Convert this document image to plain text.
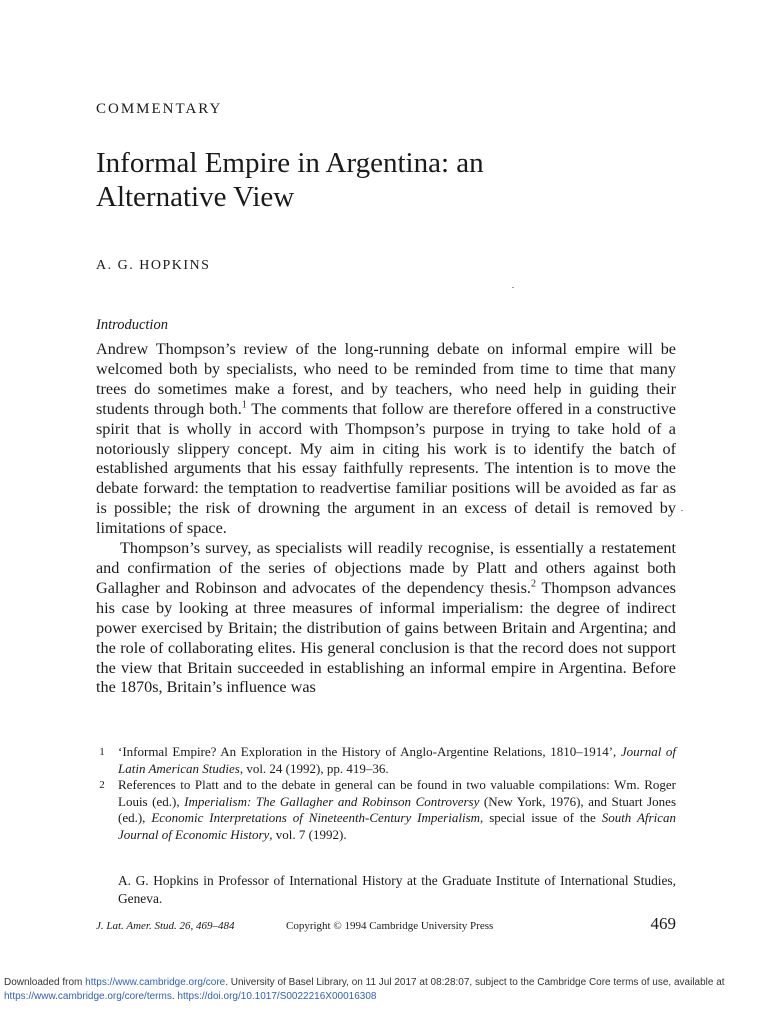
COMMENTARY
Informal Empire in Argentina: an
Alternative View
A. G. HOPKINS
Introduction

Andrew Thompson’s review of the long-running debate on informal empire will be welcomed both by specialists, who need to be reminded from time to time that many trees do sometimes make a forest, and by teachers, who need help in guiding their students through both.$^1$ The comments that follow are therefore offered in a constructive spirit that is wholly in accord with Thompson’s purpose in trying to take hold of a notoriously slippery concept. My aim in citing his work is to identify the batch of established arguments that his essay faithfully represents. The intention is to move the debate forward: the temptation to readvertise familiar positions will be avoided as far as is possible; the risk of drowning the argument in an excess of detail is removed by limitations of space.

Thompson’s survey, as specialists will readily recognise, is essentially a restatement and confirmation of the series of objections made by Platt and others against both Gallagher and Robinson and advocates of the dependency thesis.$^2$ Thompson advances his case by looking at three measures of informal imperialism: the degree of indirect power exercised by Britain; the distribution of gains between Britain and Argentina; and the role of collaborating elites. His general conclusion is that the record does not support the view that Britain succeeded in establishing an informal empire in Argentina. Before the 1870s, Britain’s influence was

1 ‘Informal Empire? An Exploration in the History of Anglo-Argentine Relations, 1810–1914’, Journal of Latin American Studies, vol. 24 (1992), pp. 419–36.
2 References to Platt and to the debate in general can be found in two valuable compilations: Wm. Roger Louis (ed.), Imperialism: The Gallagher and Robinson Controversy (New York, 1976), and Stuart Jones (ed.), Economic Interpretations of Nineteenth-Century Imperialism, special issue of the South African Journal of Economic History, vol. 7 (1992).
A. G. Hopkins in Professor of International History at the Graduate Institute of International Studies, Geneva.
J. Lat. Amer. Stud. 26, 469–484	Copyright © 1994 Cambridge University Press	469
Downloaded from https://www.cambridge.org/core. University of Basel Library, on 11 Jul 2017 at 08:28:07, subject to the Cambridge Core terms of use, available at https://www.cambridge.org/core/terms. https://doi.org/10.1017/S0022216X00016308
